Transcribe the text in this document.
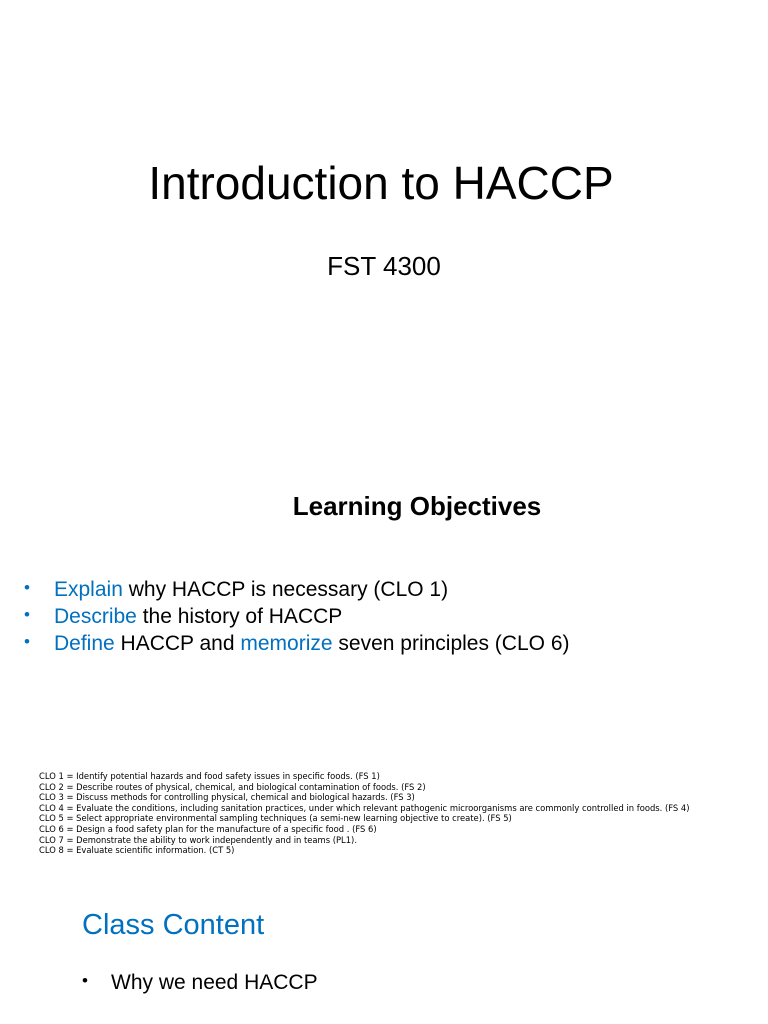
Introduction to HACCP
FST 4300
Learning Objectives
• Explain why HACCP is necessary (CLO 1)
• Describe the history of HACCP
• Define HACCP and memorize seven principles (CLO 6)
CLO 1 = Identify potential hazards and food safety issues in specific foods. (FS 1)
CLO 2 = Describe routes of physical, chemical, and biological contamination of foods. (FS 2)
CLO 3 = Discuss methods for controlling physical, chemical and biological hazards. (FS 3)
CLO 4 = Evaluate the conditions, including sanitation practices, under which relevant pathogenic microorganisms are commonly controlled in foods. (FS 4)
CLO 5 = Select appropriate environmental sampling techniques (a semi-new learning objective to create). (FS 5)
CLO 6 = Design a food safety plan for the manufacture of a specific food . (FS 6)
CLO 7 = Demonstrate the ability to work independently and in teams (PL1).
CLO 8 = Evaluate scientific information. (CT 5)
Class Content
• Why we need HACCP
